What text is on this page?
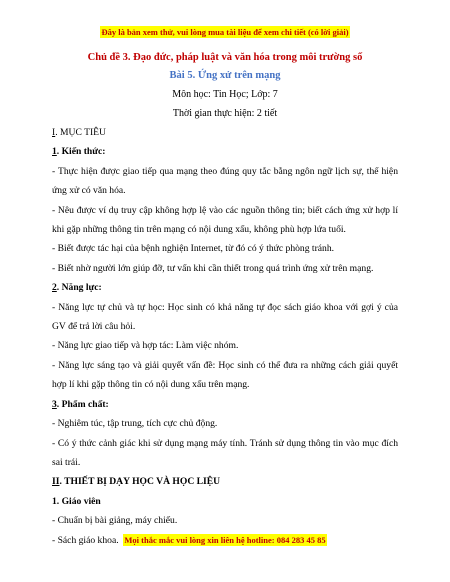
Đây là bản xem thử, vui lòng mua tài liệu để xem chi tiết (có lời giải)
Chủ đề 3. Đạo đức, pháp luật và văn hóa trong môi trường số
Bài 5. Ứng xử trên mạng
Môn học: Tin Học; Lớp: 7
Thời gian thực hiện: 2 tiết

I. MỤC TIÊU

1. Kiến thức:

- Thực hiện được giao tiếp qua mạng theo đúng quy tắc bằng ngôn ngữ lịch sự, thể hiện ứng xử có văn hóa.

- Nêu được ví dụ truy cập không hợp lệ vào các nguồn thông tin; biết cách ứng xử hợp lí khi gặp những thông tin trên mạng có nội dung xấu, không phù hợp lứa tuổi.

- Biết được tác hại của bệnh nghiện Internet, từ đó có ý thức phòng tránh.

- Biết nhờ người lớn giúp đỡ, tư vấn khi cần thiết trong quá trình ứng xử trên mạng.

2. Năng lực:

- Năng lực tự chủ và tự học: Học sinh có khả năng tự đọc sách giáo khoa với gợi ý của GV để trả lời câu hỏi.

- Năng lực giao tiếp và hợp tác: Làm việc nhóm.

- Năng lực sáng tạo và giải quyết vấn đề: Học sinh có thể đưa ra những cách giải quyết hợp lí khi gặp thông tin có nội dung xấu trên mạng.

3. Phẩm chất:

- Nghiêm túc, tập trung, tích cực chủ động.

- Có ý thức cảnh giác khi sử dụng mạng máy tính. Tránh sử dụng thông tin vào mục đích sai trái.

II. THIẾT BỊ DẠY HỌC VÀ HỌC LIỆU

1. Giáo viên

- Chuẩn bị bài giảng, máy chiếu.

- Sách giáo khoa. Mọi thắc mắc vui lòng xin liên hệ hotline: 084 283 45 85
